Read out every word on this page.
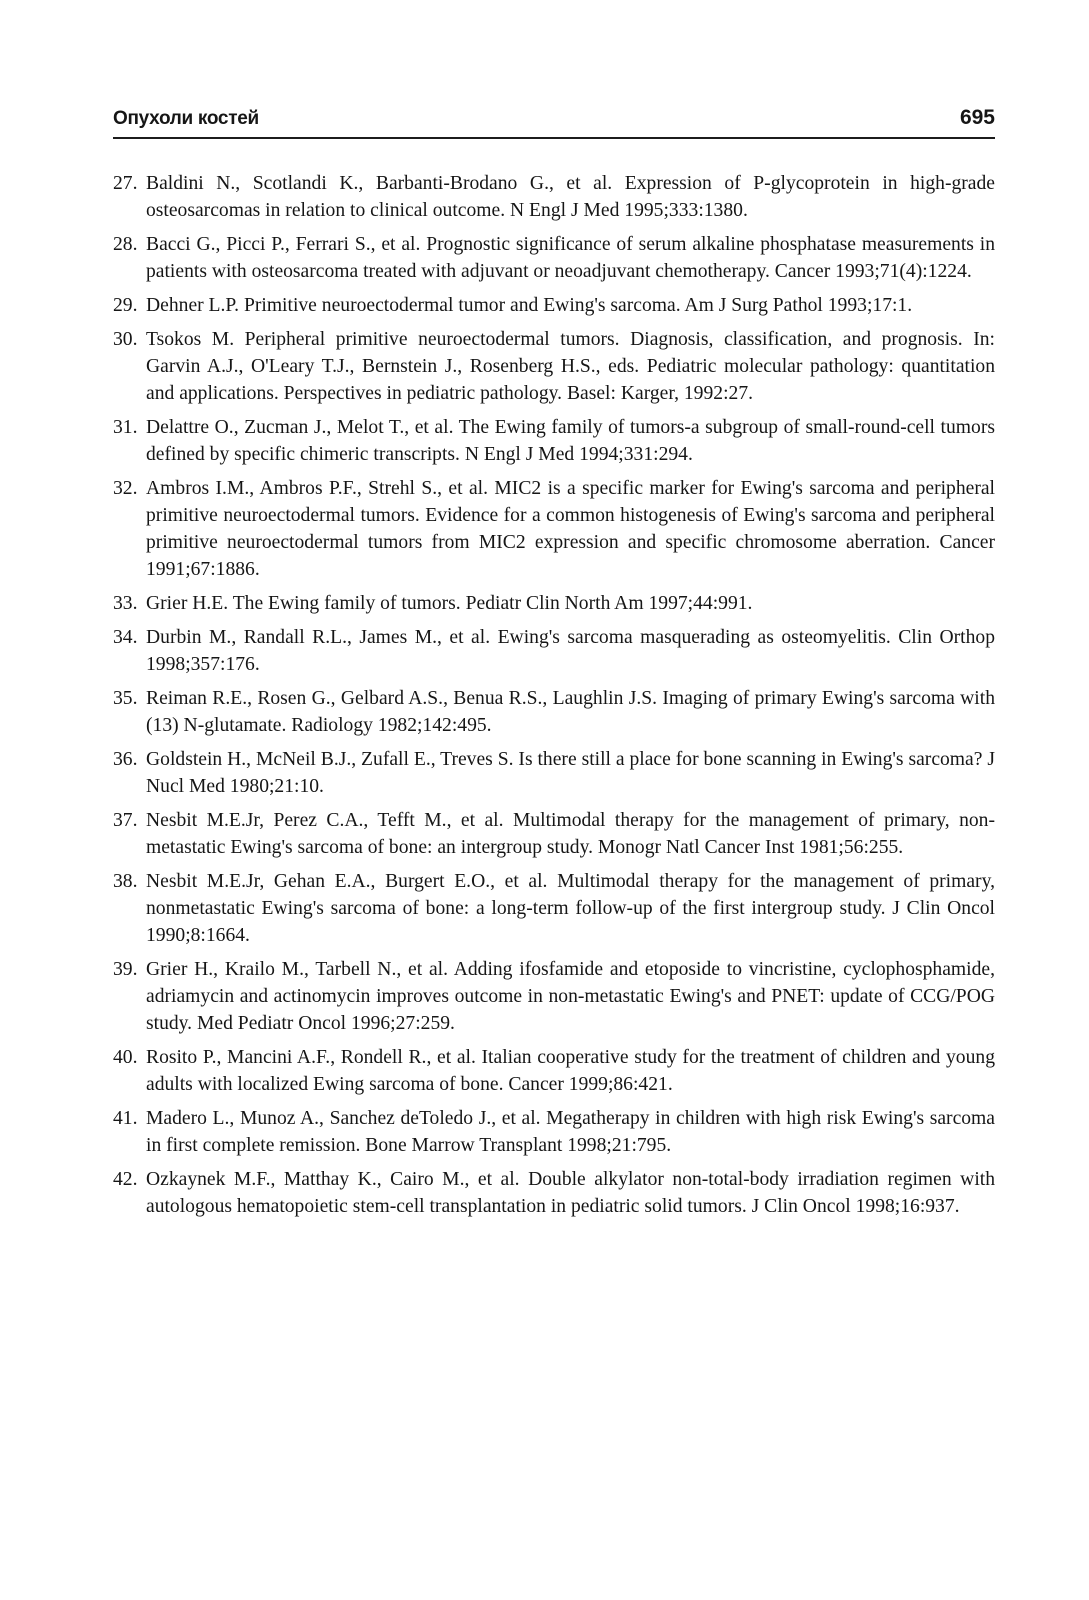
Опухоли костей	695
27. Baldini N., Scotlandi K., Barbanti-Brodano G., et al. Expression of P-glycoprotein in high-grade osteosarcomas in relation to clinical outcome. N Engl J Med 1995;333:1380.
28. Bacci G., Picci P., Ferrari S., et al. Prognostic significance of serum alkaline phosphatase measurements in patients with osteosarcoma treated with adjuvant or neoadjuvant chemotherapy. Cancer 1993;71(4):1224.
29. Dehner L.P. Primitive neuroectodermal tumor and Ewing's sarcoma. Am J Surg Pathol 1993;17:1.
30. Tsokos M. Peripheral primitive neuroectodermal tumors. Diagnosis, classification, and prognosis. In: Garvin A.J., O'Leary T.J., Bernstein J., Rosenberg H.S., eds. Pediatric molecular pathology: quantitation and applications. Perspectives in pediatric pathology. Basel: Karger, 1992:27.
31. Delattre O., Zucman J., Melot T., et al. The Ewing family of tumors-a subgroup of small-round-cell tumors defined by specific chimeric transcripts. N Engl J Med 1994;331:294.
32. Ambros I.M., Ambros P.F., Strehl S., et al. MIC2 is a specific marker for Ewing's sarcoma and peripheral primitive neuroectodermal tumors. Evidence for a common histogenesis of Ewing's sarcoma and peripheral primitive neuroectodermal tumors from MIC2 expression and specific chromosome aberration. Cancer 1991;67:1886.
33. Grier H.E. The Ewing family of tumors. Pediatr Clin North Am 1997;44:991.
34. Durbin M., Randall R.L., James M., et al. Ewing's sarcoma masquerading as osteomyelitis. Clin Orthop 1998;357:176.
35. Reiman R.E., Rosen G., Gelbard A.S., Benua R.S., Laughlin J.S. Imaging of primary Ewing's sarcoma with (13) N-glutamate. Radiology 1982;142:495.
36. Goldstein H., McNeil B.J., Zufall E., Treves S. Is there still a place for bone scanning in Ewing's sarcoma? J Nucl Med 1980;21:10.
37. Nesbit M.E.Jr, Perez C.A., Tefft M., et al. Multimodal therapy for the management of primary, non-metastatic Ewing's sarcoma of bone: an intergroup study. Monogr Natl Cancer Inst 1981;56:255.
38. Nesbit M.E.Jr, Gehan E.A., Burgert E.O., et al. Multimodal therapy for the management of primary, nonmetastatic Ewing's sarcoma of bone: a long-term follow-up of the first intergroup study. J Clin Oncol 1990;8:1664.
39. Grier H., Krailo M., Tarbell N., et al. Adding ifosfamide and etoposide to vincristine, cyclophosphamide, adriamycin and actinomycin improves outcome in non-metastatic Ewing's and PNET: update of CCG/POG study. Med Pediatr Oncol 1996;27:259.
40. Rosito P., Mancini A.F., Rondell R., et al. Italian cooperative study for the treatment of children and young adults with localized Ewing sarcoma of bone. Cancer 1999;86:421.
41. Madero L., Munoz A., Sanchez deToledo J., et al. Megatherapy in children with high risk Ewing's sarcoma in first complete remission. Bone Marrow Transplant 1998;21:795.
42. Ozkaynek M.F., Matthay K., Cairo M., et al. Double alkylator non-total-body irradiation regimen with autologous hematopoietic stem-cell transplantation in pediatric solid tumors. J Clin Oncol 1998;16:937.
